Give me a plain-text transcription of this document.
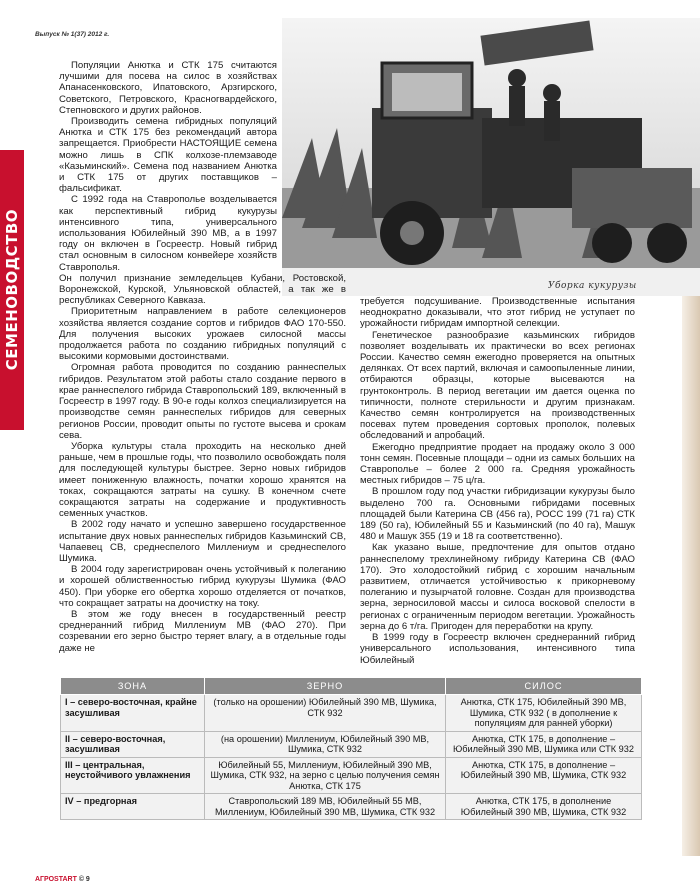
СЕМЕНОВОДСТВО
Выпуск № 1(37) 2012 г.
Уборка кукурузы

Популяции Анютка и СТК 175 считаются лучшими для посева на силос в хозяйствах Апанасенковского, Ипатовского, Арзгирского, Советского, Петровского, Красногвардейского, Степновского и других районов.

Производить семена гибридных популяций Анютка и СТК 175 без рекомендаций автора запрещается. Приобрести НАСТОЯЩИЕ семена можно лишь в СПК колхозе-племзаводе «Казьминский». Семена под названием Анютка и СТК 175 от других поставщиков – фальсификат.

С 1992 года на Ставрополье возделывается как перспективный гибрид кукурузы интенсивного типа, универсального использования Юбилейный 390 МВ, а в 1997 году он включен в Госреестр. Новый гибрид стал основным в силосном конвейере хозяйств Ставрополья.

Он получил признание земледельцев Кубани, Ростовской, Воронежской, Курской, Ульяновской областей, а так же в республиках Северного Кавказа.

Приоритетным направлением в работе селекционеров хозяйства является создание сортов и гибридов ФАО 170-550. Для получения высоких урожаев силосной массы продолжается работа по созданию гибридных популяций с высокими кормовыми достоинствами.

Огромная работа проводится по созданию раннеспелых гибридов. Результатом этой работы стало создание первого в крае раннеспелого гибрида Ставропольский 189, включенный в Госреестр в 1997 году. В 90-е годы колхоз специализируется на производстве семян раннеспелых гибридов для северных регионов России, проводит опыты по густоте высева и срокам сева.

Уборка культуры стала проходить на несколько дней раньше, чем в прошлые годы, что позволило освобождать поля для последующей культуры быстрее. Зерно новых гибридов имеет пониженную влажность, початки хорошо хранятся на токах, сокращаются затраты на сушку. В конечном счете сокращаются затраты на содержание и продуктивность семенных участков.

В 2002 году начато и успешно завершено государственное испытание двух новых раннеспелых гибридов Казьминский СВ, Чапаевец СВ, среднеспелого Миллениум и среднеспелого Шумика.

В 2004 году зарегистрирован очень устойчивый к полеганию и хорошей облиственностью гибрид кукурузы Шумика (ФАО 450). При уборке его обертка хорошо отделяется от початков, что сокращает затраты на доочистку на току.

В этом же году внесен в государственный реестр среднеранний гибрид Миллениум МВ (ФАО 270). При созревании его зерно быстро теряет влагу, а в отдельные годы даже не

требуется подсушивание. Производственные испытания неоднократно доказывали, что этот гибрид не уступает по урожайности гибридам импортной селекции.

Генетическое разнообразие казьминских гибридов позволяет возделывать их практически во всех регионах России. Качество семян ежегодно проверяется на опытных делянках. От всех партий, включая и самоопыленные линии, отбираются образцы, которые высеваются на грунтоконтроль. В период вегетации им дается оценка по типичности, полноте стерильности и другим признакам. Качество семян контролируется на производственных посевах путем проведения сортовых прополок, полевых обследований и апробаций.

Ежегодно предприятие продает на продажу около 3 000 тонн семян. Посевные площади – одни из самых больших на Ставрополье – более 2 000 га. Средняя урожайность местных гибридов – 75 ц/га.

В прошлом году под участки гибридизации кукурузы было выделено 700 га. Основными гибридами посевных площадей были Катерина СВ (456 га), РОСС 199 (71 га) СТК 189 (50 га), Юбилейный 55 и Казьминский (по 40 га), Машук 480 и Машук 355 (19 и 18 га соответственно).

Как указано выше, предпочтение для опытов отдано раннеспелому трехлинейному гибриду Катерина СВ (ФАО 170). Это холодостойкий гибрид с хорошим начальным развитием, отличается устойчивостью к прикорневому полеганию и пузырчатой головне. Создан для производства зерна, зерносиловой массы и силоса восковой спелости в регионах с ограниченным периодом вегетации. Урожайность зерна до 6 т/га. Пригоден для переработки на крупу.

В 1999 году в Госреестр включен среднеранний гибрид универсального использования, интенсивного типа Юбилейный

ЗОНА	ЗЕРНО	СИЛОС
I – северо-восточная, крайне засушливая	(только на орошении) Юбилейный 390 МВ, Шумика, СТК 932	Анютка, СТК 175, Юбилейный 390 МВ, Шумика, СТК 932 ( в дополнение к популяциям для ранней уборки)
II – северо-восточная, засушливая	(на орошении) Миллениум, Юбилейный 390 МВ, Шумика, СТК 932	Анютка, СТК 175, в дополнение – Юбилейный 390 МВ, Шумика или СТК 932
III – центральная, неустойчивого увлажнения	Юбилейный 55, Миллениум, Юбилейный 390 МВ, Шумика, СТК 932, на зерно с целью получения семян Анютка, СТК 175	Анютка, СТК 175, в дополнение – Юбилейный 390 МВ, Шумика, СТК 932
IV – предгорная	Ставропольский 189 МВ, Юбилейный 55 МВ, Миллениум, Юбилейный 390 МВ, Шумика, СТК 932	Анютка, СТК 175, в дополнение Юбилейный 390 МВ, Шумика, СТК 932
АГРОSTART © 9
